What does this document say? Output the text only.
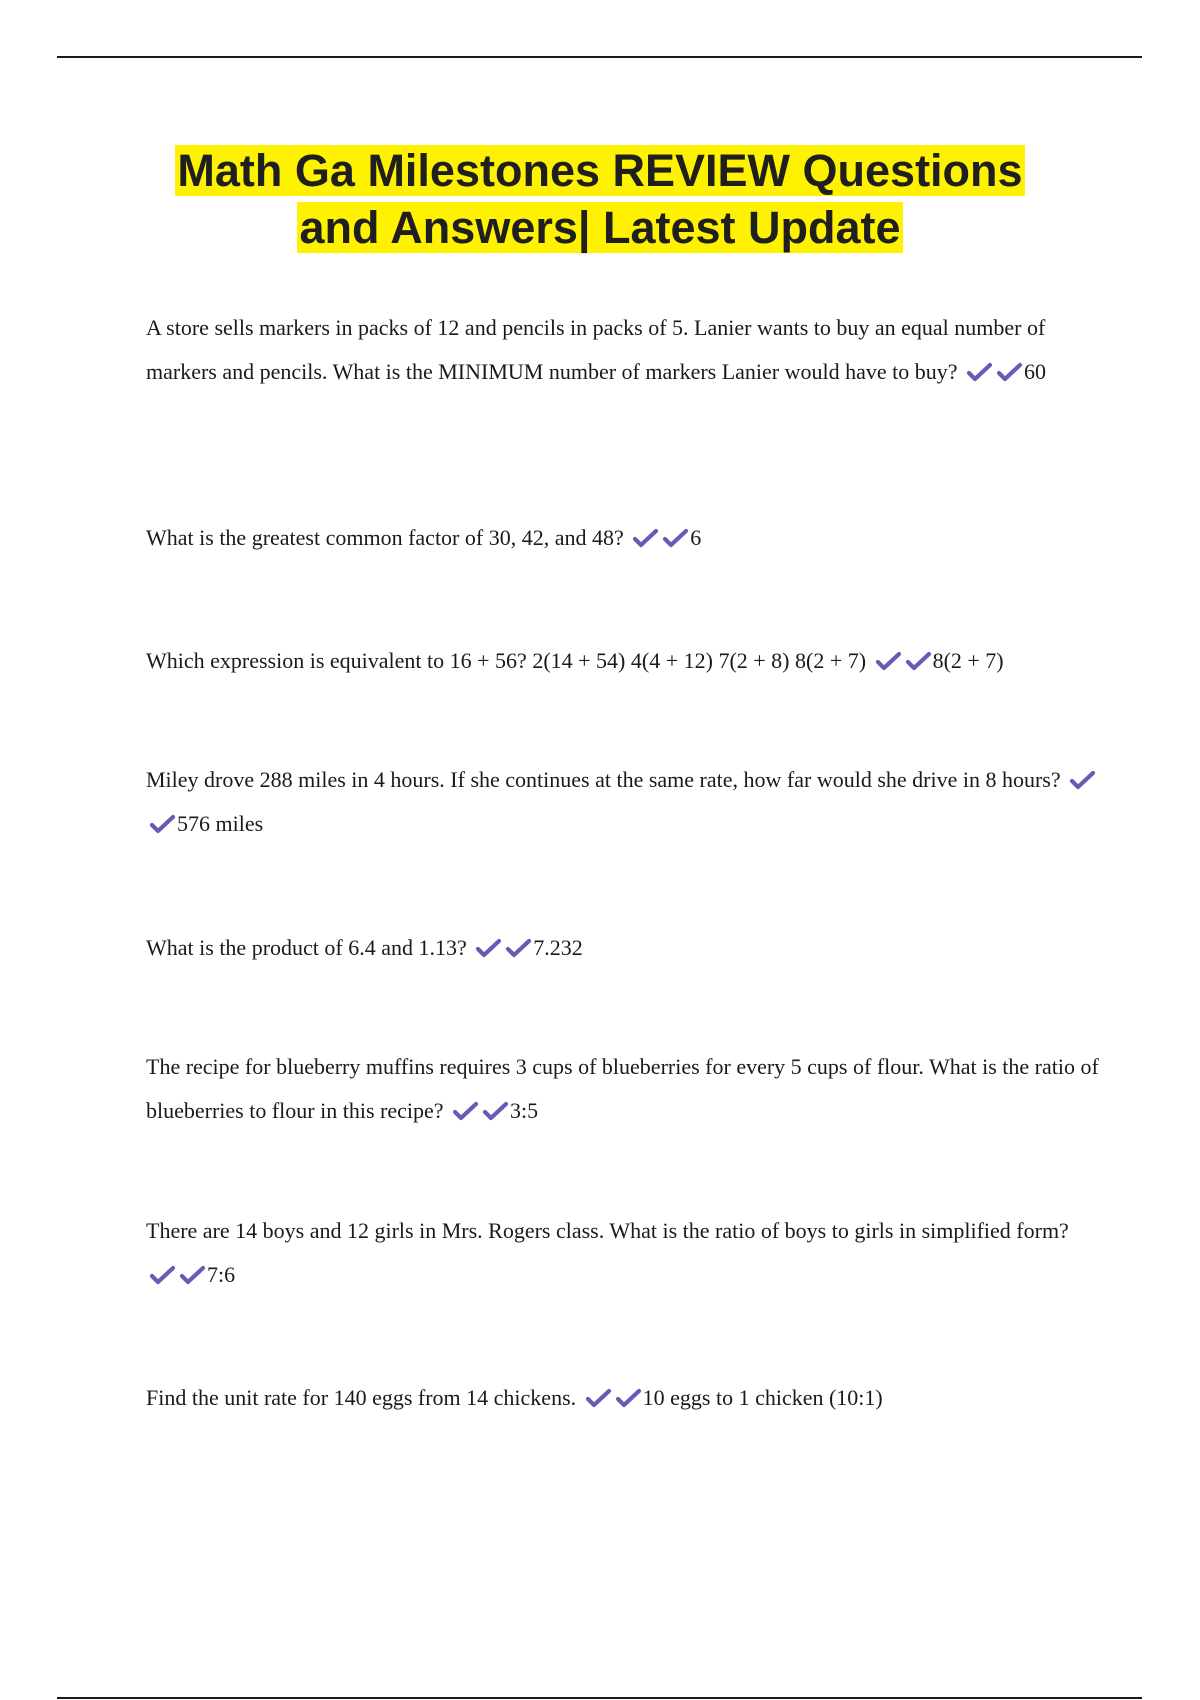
Math Ga Milestones REVIEW Questions
and Answers| Latest Update
A store sells markers in packs of 12 and pencils in packs of 5. Lanier wants to buy an equal number of markers and pencils. What is the MINIMUM number of markers Lanier would have to buy?	60
What is the greatest common factor of 30, 42, and 48?	6
Which expression is equivalent to 16 + 56? 2(14 + 54) 4(4 + 12) 7(2 + 8) 8(2 + 7)	8(2 + 7)
Miley drove 288 miles in 4 hours. If she continues at the same rate, how far would she drive in 8 hours?
576 miles
What is the product of 6.4 and 1.13?	7.232
The recipe for blueberry muffins requires 3 cups of blueberries for every 5 cups of flour. What is the ratio of blueberries to flour in this recipe?	3:5
There are 14 boys and 12 girls in Mrs. Rogers class. What is the ratio of boys to girls in simplified form?
7:6
Find the unit rate for 140 eggs from 14 chickens.	10 eggs to 1 chicken (10:1)
